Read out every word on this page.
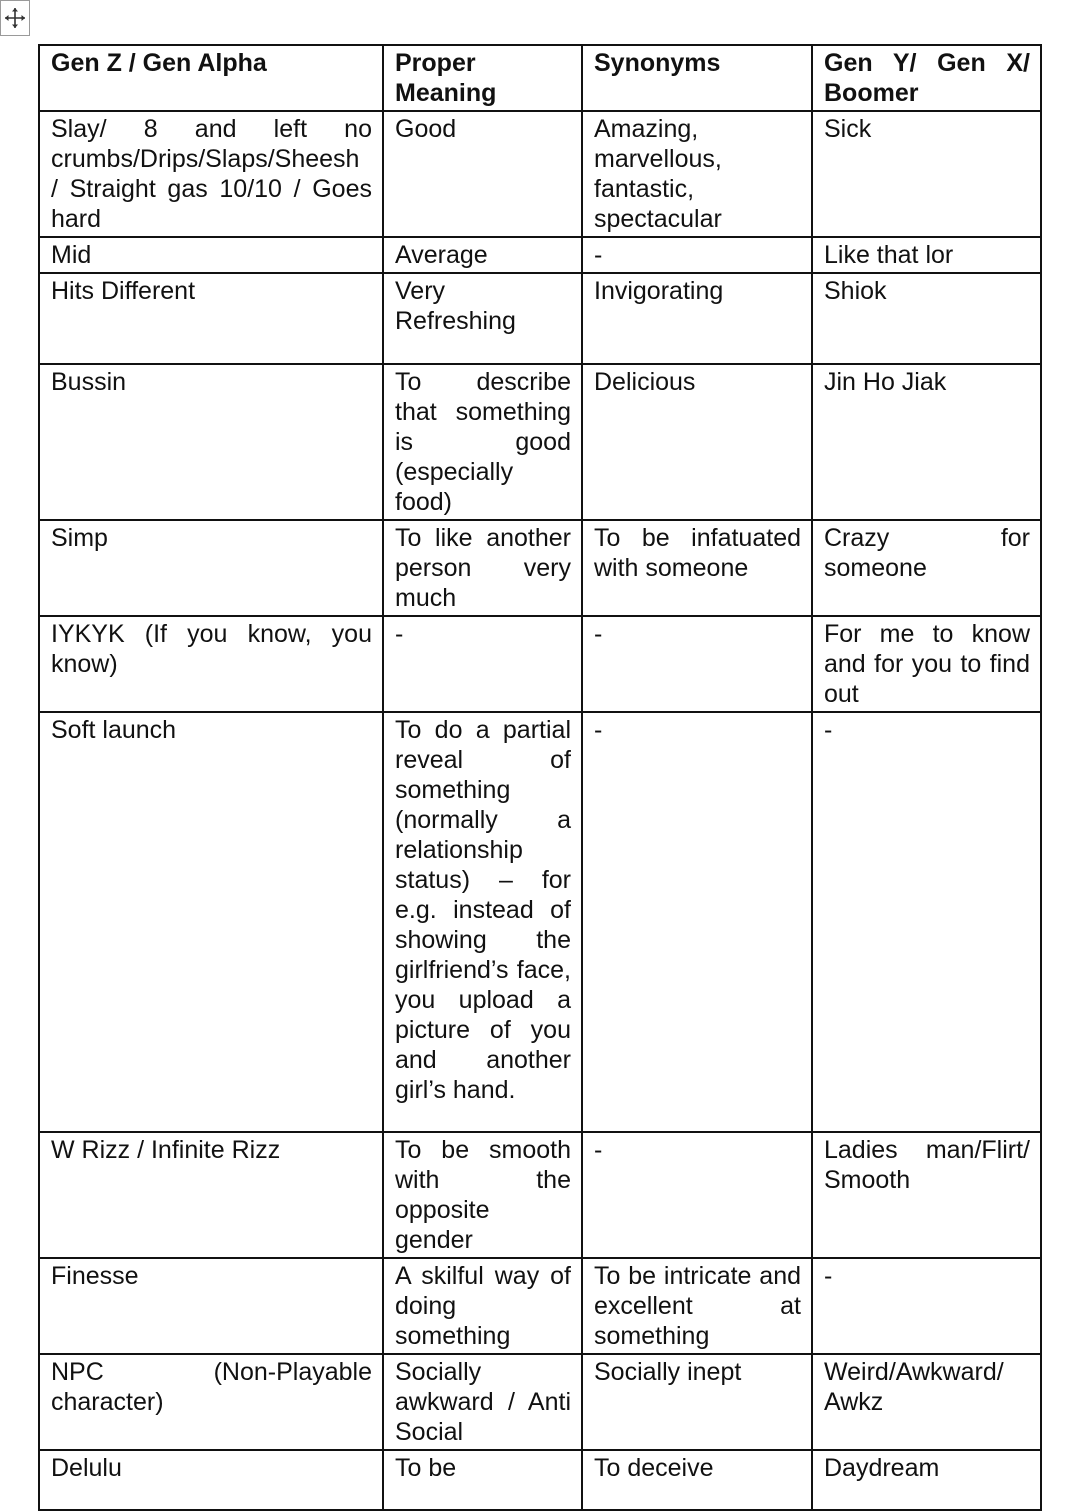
Gen Z / Gen Alpha	Proper Meaning	Synonyms	Gen Y/ Gen X/ Boomer
Slay/ 8 and left no crumbs/Drips/Slaps/Sheesh / Straight gas 10/10 / Goes hard	Good	Amazing, marvellous, fantastic, spectacular	Sick
Mid	Average	-	Like that lor
Hits Different	Very Refreshing	Invigorating	Shiok
Bussin	To describe that something is good (especially food)	Delicious	Jin Ho Jiak
Simp	To like another person very much	To be infatuated with someone	Crazy for someone
IYKYK (If you know, you know)	-	-	For me to know and for you to find out
Soft launch	To do a partial reveal of something (normally a relationship status) – for e.g. instead of showing the girlfriend’s face, you upload a picture of you and another girl’s hand.	-	-
W Rizz / Infinite Rizz	To be smooth with the opposite gender	-	Ladies man/Flirt/ Smooth
Finesse	A skilful way of doing something	To be intricate and excellent at something	-
NPC (Non-Playable character)	Socially awkward / Anti Social	Socially inept	Weird/Awkward/ Awkz
Delulu	To be	To deceive	Daydream
